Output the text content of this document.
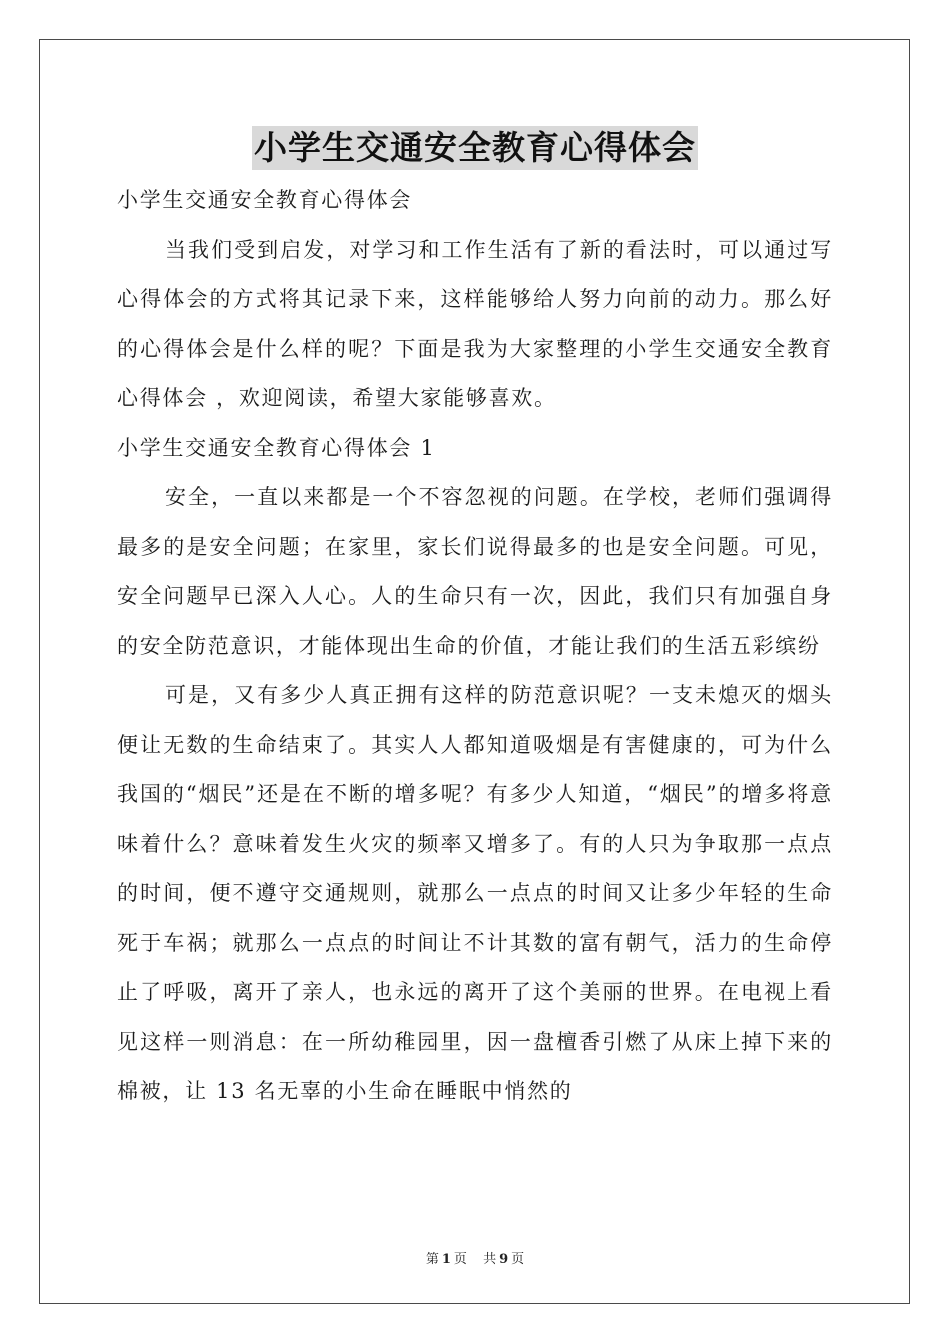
小学生交通安全教育心得体会

小学生交通安全教育心得体会

当我们受到启发，对学习和工作生活有了新的看法时，可以通过写心得体会的方式将其记录下来，这样能够给人努力向前的动力。那么好的心得体会是什么样的呢？下面是我为大家整理的小学生交通安全教育心得体会 ，欢迎阅读，希望大家能够喜欢。

小学生交通安全教育心得体会 1

安全，一直以来都是一个不容忽视的问题。在学校，老师们强调得最多的是安全问题；在家里，家长们说得最多的也是安全问题。可见，安全问题早已深入人心。人的生命只有一次，因此，我们只有加强自身的安全防范意识，才能体现出生命的价值，才能让我们的生活五彩缤纷

可是，又有多少人真正拥有这样的防范意识呢？一支未熄灭的烟头便让无数的生命结束了。其实人人都知道吸烟是有害健康的，可为什么我国的“烟民”还是在不断的增多呢？有多少人知道，“烟民”的增多将意味着什么？意味着发生火灾的频率又增多了。有的人只为争取那一点点的时间，便不遵守交通规则，就那么一点点的时间又让多少年轻的生命死于车祸；就那么一点点的时间让不计其数的富有朝气，活力的生命停止了呼吸，离开了亲人，也永远的离开了这个美丽的世界。在电视上看见这样一则消息：在一所幼稚园里，因一盘檀香引燃了从床上掉下来的棉被，让 13 名无辜的小生命在睡眠中悄然的

第 1 页 共 9 页
